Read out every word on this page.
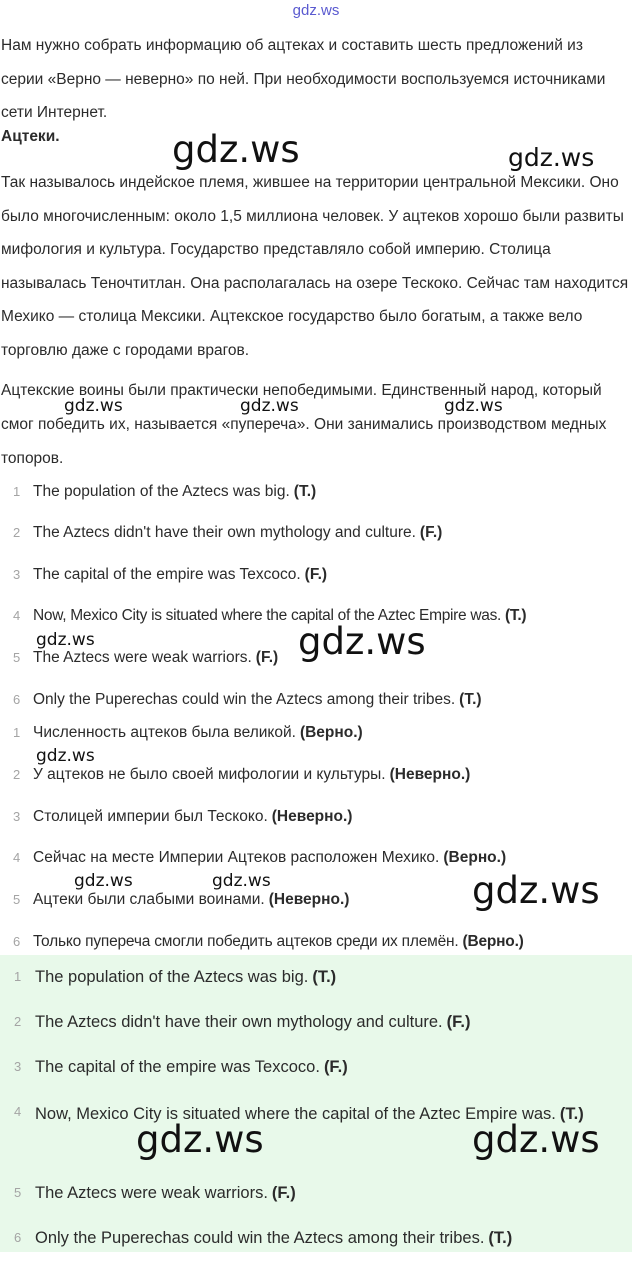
gdz.ws
Нам нужно собрать информацию об ацтеках и составить шесть предложений из серии «Верно — неверно» по ней. При необходимости воспользуемся источниками сети Интернет.
Ацтеки.
Так называлось индейское племя, жившее на территории центральной Мексики. Оно было многочисленным: около 1,5 миллиона человек. У ацтеков хорошо были развиты мифология и культура. Государство представляло собой империю. Столица называлась Теночтитлан. Она располагалась на озере Тескоко. Сейчас там находится Мехико — столица Мексики. Ацтекское государство было богатым, а также вело торговлю даже с городами врагов.
Ацтекские воины были практически непобедимыми. Единственный народ, который смог победить их, называется «пупереча». Они занимались производством медных топоров.
1 The population of the Aztecs was big. (T.)
2 The Aztecs didn't have their own mythology and culture. (F.)
3 The capital of the empire was Texcoco. (F.)
4 Now, Mexico City is situated where the capital of the Aztec Empire was. (T.)
5 The Aztecs were weak warriors. (F.)
6 Only the Puperechas could win the Aztecs among their tribes. (T.)
1 Численность ацтеков была великой. (Верно.)
2 У ацтеков не было своей мифологии и культуры. (Неверно.)
3 Столицей империи был Тескоко. (Неверно.)
4 Сейчас на месте Империи Ацтеков расположен Мехико. (Верно.)
5 Ацтеки были слабыми воинами. (Неверно.)
6 Только пупереча смогли победить ацтеков среди их племён. (Верно.)
1 The population of the Aztecs was big. (T.)
2 The Aztecs didn't have their own mythology and culture. (F.)
3 The capital of the empire was Texcoco. (F.)
4 Now, Mexico City is situated where the capital of the Aztec Empire was. (T.)
5 The Aztecs were weak warriors. (F.)
6 Only the Puperechas could win the Aztecs among their tribes. (T.)
gdz.ws	gdz.ws
gdz.ws	gdz.ws	gdz.ws
gdz.ws	gdz.ws
gdz.ws
gdz.ws	gdz.ws	gdz.ws
gdz.ws	gdz.ws
